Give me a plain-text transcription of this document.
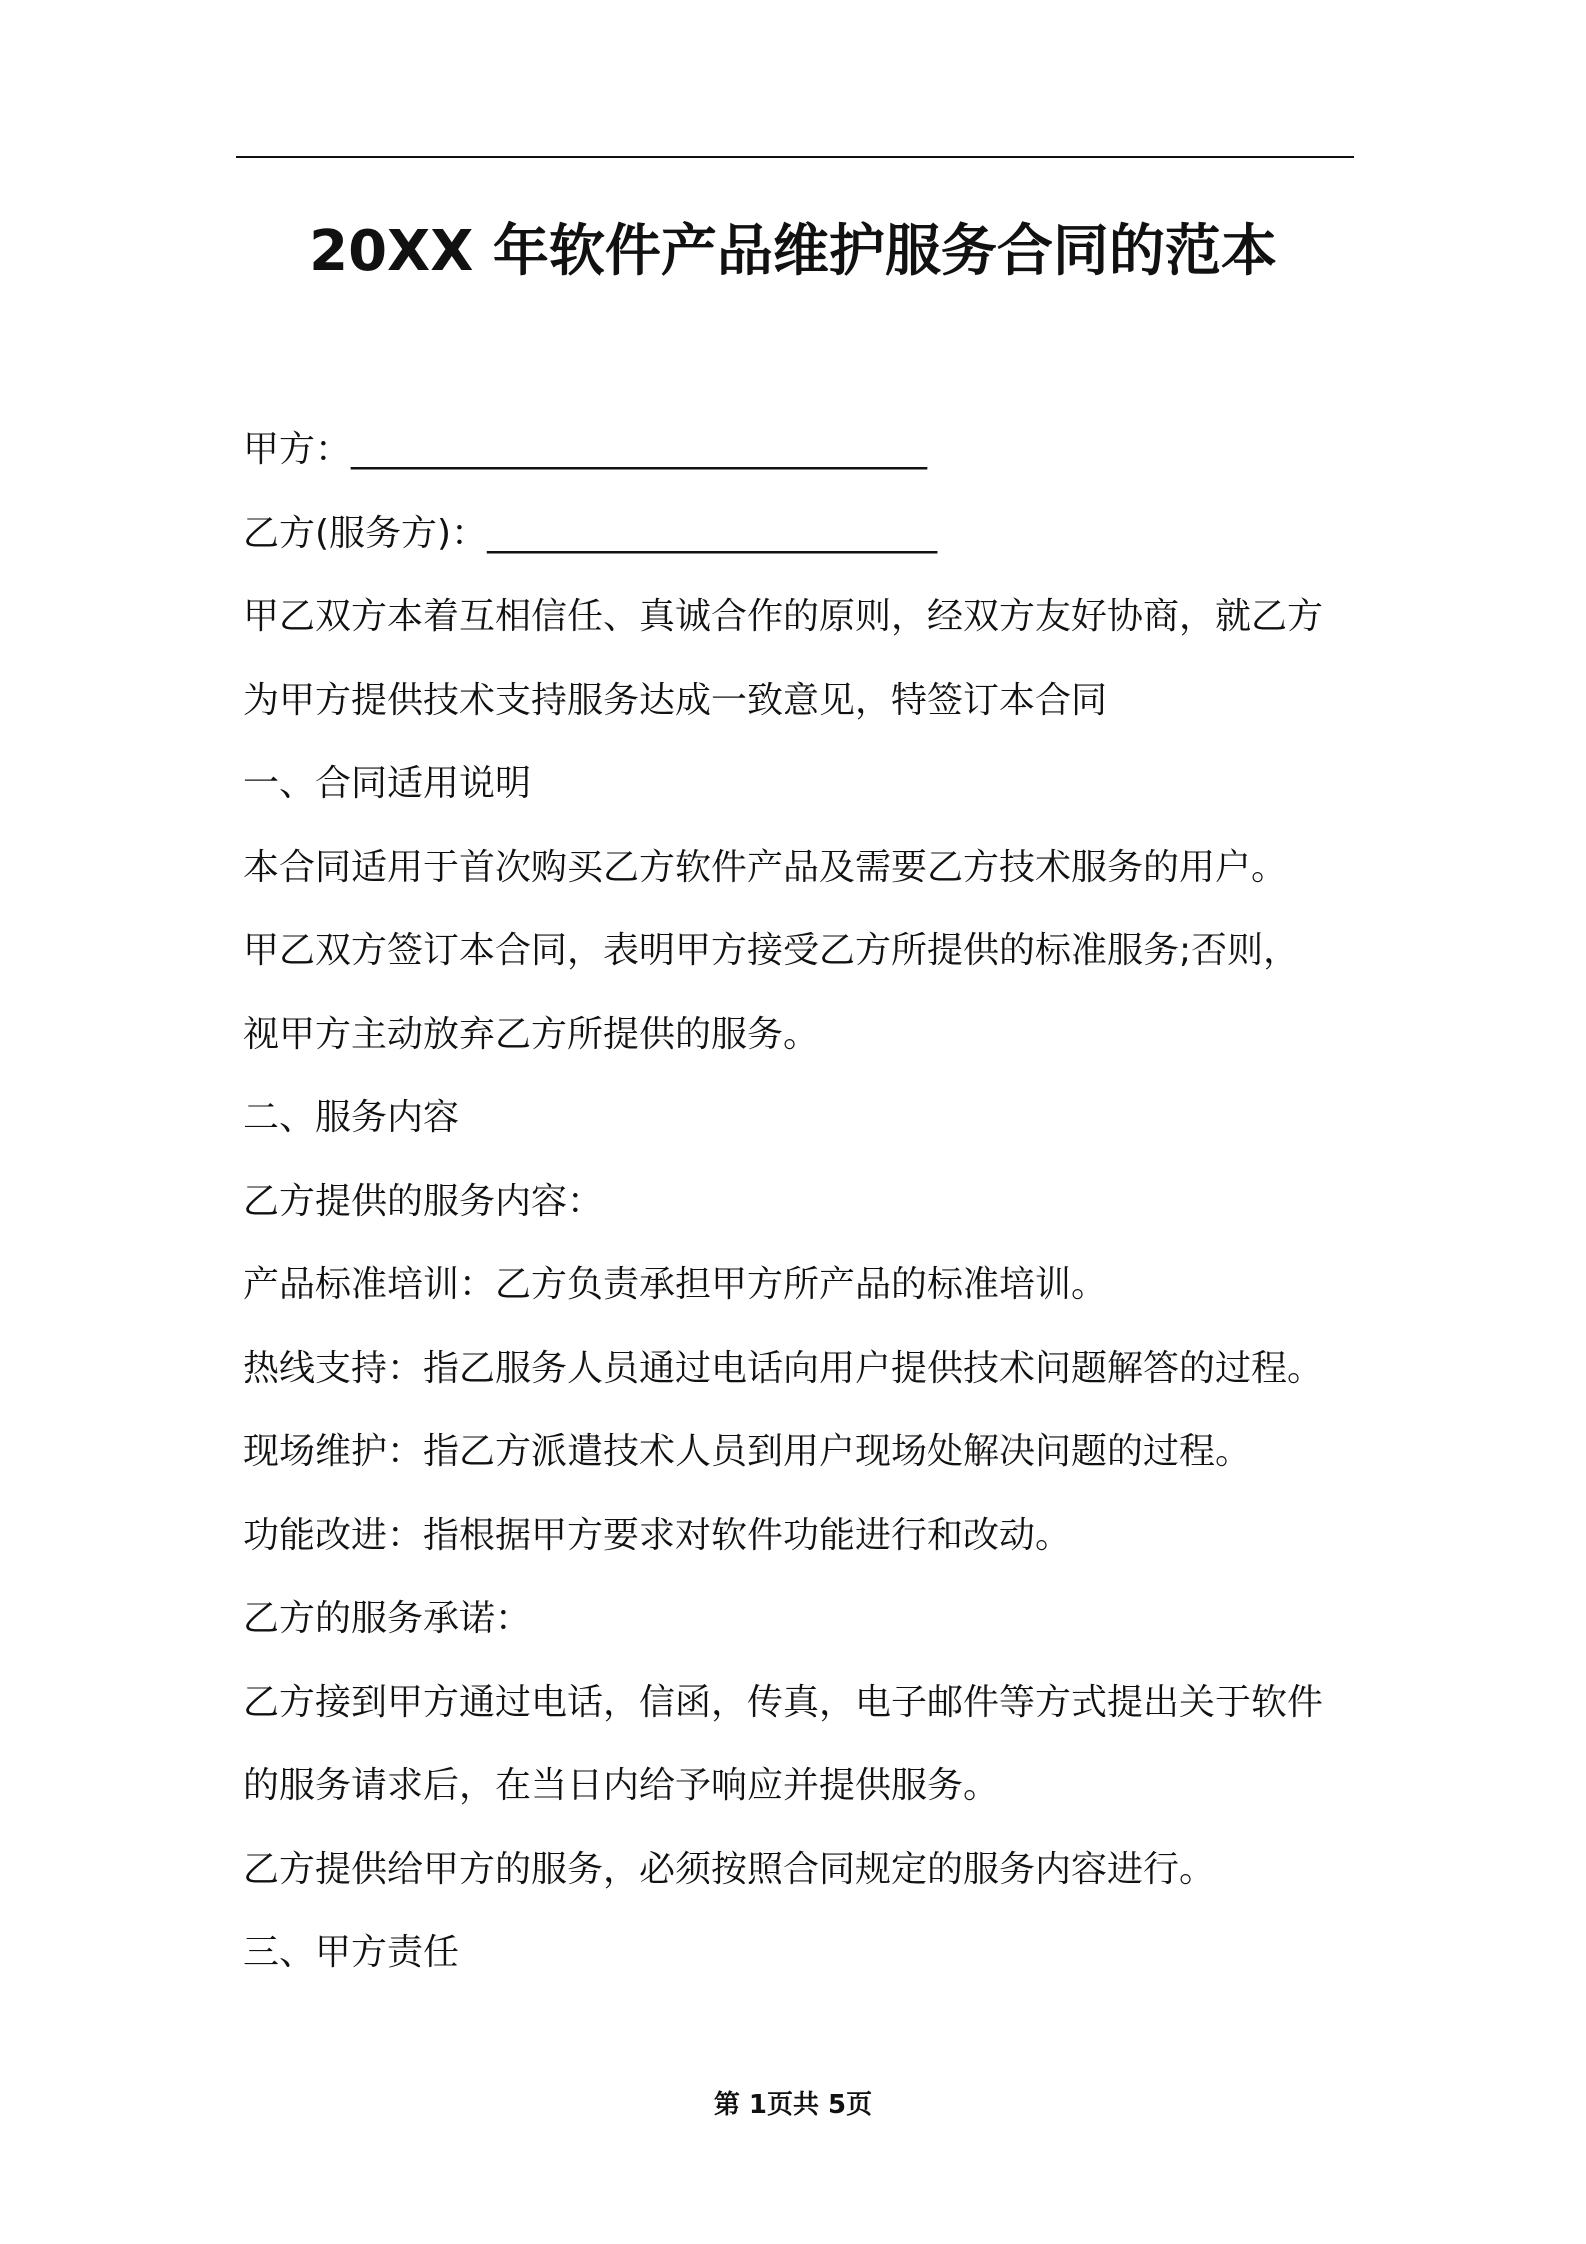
20XX 年软件产品维护服务合同的范本
甲方：________________________________
乙方(服务方)：_________________________
甲乙双方本着互相信任、真诚合作的原则，经双方友好协商，就乙方
为甲方提供技术支持服务达成一致意见，特签订本合同
一、合同适用说明
本合同适用于首次购买乙方软件产品及需要乙方技术服务的用户。
甲乙双方签订本合同，表明甲方接受乙方所提供的标准服务;否则，
视甲方主动放弃乙方所提供的服务。
二、服务内容
乙方提供的服务内容：
产品标准培训：乙方负责承担甲方所产品的标准培训。
热线支持：指乙服务人员通过电话向用户提供技术问题解答的过程。
现场维护：指乙方派遣技术人员到用户现场处解决问题的过程。
功能改进：指根据甲方要求对软件功能进行和改动。
乙方的服务承诺：
乙方接到甲方通过电话，信函，传真，电子邮件等方式提出关于软件
的服务请求后，在当日内给予响应并提供服务。
乙方提供给甲方的服务，必须按照合同规定的服务内容进行。
三、甲方责任
第 1页共 5页
